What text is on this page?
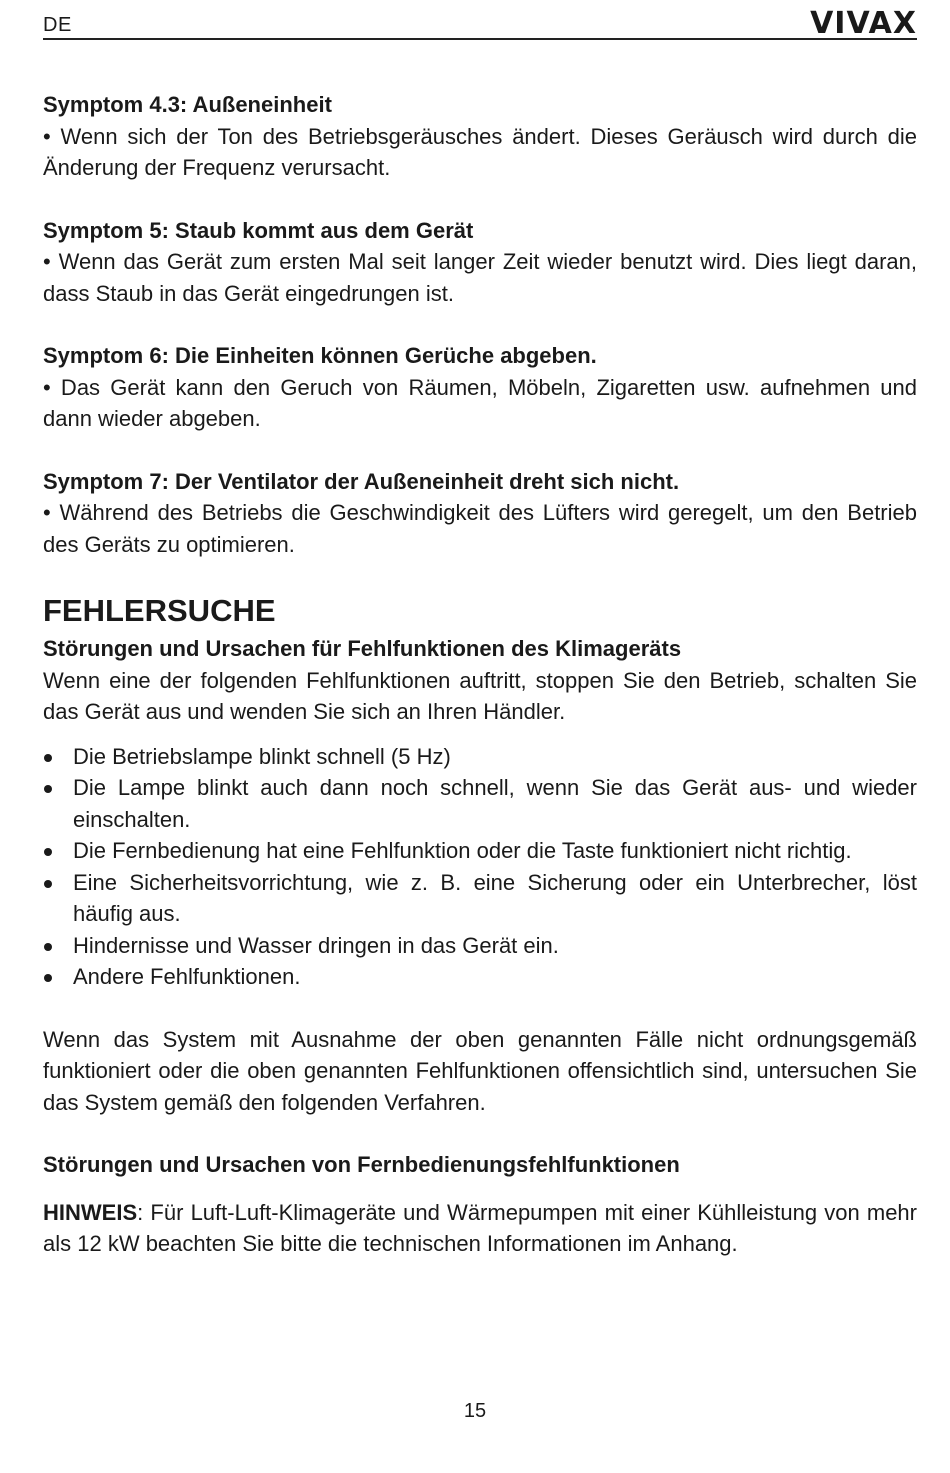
DE	VIVAX

Symptom 4.3: Außeneinheit

• Wenn sich der Ton des Betriebsgeräusches ändert. Dieses Geräusch wird durch die Änderung der Frequenz verursacht.

Symptom 5: Staub kommt aus dem Gerät

• Wenn das Gerät zum ersten Mal seit langer Zeit wieder benutzt wird. Dies liegt daran, dass Staub in das Gerät eingedrungen ist.

Symptom 6: Die Einheiten können Gerüche abgeben.

• Das Gerät kann den Geruch von Räumen, Möbeln, Zigaretten usw. aufnehmen und dann wieder abgeben.

Symptom 7: Der Ventilator der Außeneinheit dreht sich nicht.

• Während des Betriebs die Geschwindigkeit des Lüfters wird geregelt, um den Betrieb des Geräts zu optimieren.

FEHLERSUCHE

Störungen und Ursachen für Fehlfunktionen des Klimageräts

Wenn eine der folgenden Fehlfunktionen auftritt, stoppen Sie den Betrieb, schalten Sie das Gerät aus und wenden Sie sich an Ihren Händler.

Die Betriebslampe blinkt schnell (5 Hz)
Die Lampe blinkt auch dann noch schnell, wenn Sie das Gerät aus- und wieder einschalten.
Die Fernbedienung hat eine Fehlfunktion oder die Taste funktioniert nicht richtig.
Eine Sicherheitsvorrichtung, wie z. B. eine Sicherung oder ein Unterbrecher, löst häufig aus.
Hindernisse und Wasser dringen in das Gerät ein.
Andere Fehlfunktionen.

Wenn das System mit Ausnahme der oben genannten Fälle nicht ordnungsgemäß funktioniert oder die oben genannten Fehlfunktionen offensichtlich sind, untersuchen Sie das System gemäß den folgenden Verfahren.

Störungen und Ursachen von Fernbedienungsfehlfunktionen

HINWEIS: Für Luft-Luft-Klimageräte und Wärmepumpen mit einer Kühlleistung von mehr als 12 kW beachten Sie bitte die technischen Informationen im Anhang.

15
